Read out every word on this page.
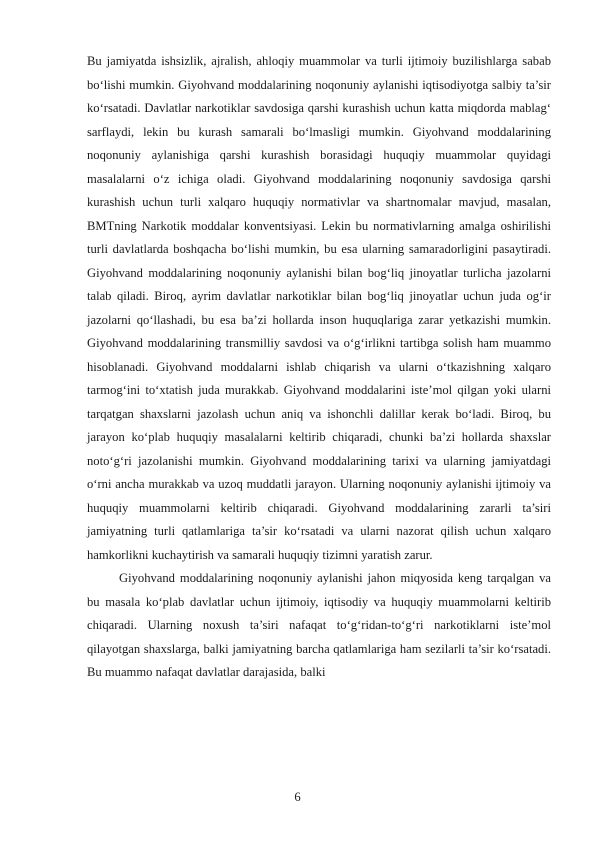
Bu jamiyatda ishsizlik, ajralish, ahloqiy muammolar va turli ijtimoiy buzilishlarga sabab bo‘lishi mumkin. Giyohvand moddalarining noqonuniy aylanishi iqtisodiyotga salbiy ta’sir ko‘rsatadi. Davlatlar narkotiklar savdosiga qarshi kurashish uchun katta miqdorda mablag‘ sarflaydi, lekin bu kurash samarali bo‘lmasligi mumkin. Giyohvand moddalarining noqonuniy aylanishiga qarshi kurashish borasidagi huquqiy muammolar quyidagi masalalarni o‘z ichiga oladi. Giyohvand moddalarining noqonuniy savdosiga qarshi kurashish uchun turli xalqaro huquqiy normativlar va shartnomalar mavjud, masalan, BMTning Narkotik moddalar konventsiyasi. Lekin bu normativlarning amalga oshirilishi turli davlatlarda boshqacha bo‘lishi mumkin, bu esa ularning samaradorligini pasaytiradi. Giyohvand moddalarining noqonuniy aylanishi bilan bog‘liq jinoyatlar turlicha jazolarni talab qiladi. Biroq, ayrim davlatlar narkotiklar bilan bog‘liq jinoyatlar uchun juda og‘ir jazolarni qo‘llashadi, bu esa ba’zi hollarda inson huquqlariga zarar yetkazishi mumkin. Giyohvand moddalarining transmilliy savdosi va o‘g‘irlikni tartibga solish ham muammo hisoblanadi. Giyohvand moddalarni ishlab chiqarish va ularni o‘tkazishning xalqaro tarmog‘ini to‘xtatish juda murakkab. Giyohvand moddalarini iste’mol qilgan yoki ularni tarqatgan shaxslarni jazolash uchun aniq va ishonchli dalillar kerak bo‘ladi. Biroq, bu jarayon ko‘plab huquqiy masalalarni keltirib chiqaradi, chunki ba’zi hollarda shaxslar noto‘g‘ri jazolanishi mumkin. Giyohvand moddalarining tarixi va ularning jamiyatdagi o‘rni ancha murakkab va uzoq muddatli jarayon. Ularning noqonuniy aylanishi ijtimoiy va huquqiy muammolarni keltirib chiqaradi. Giyohvand moddalarining zararli ta’siri jamiyatning turli qatlamlariga ta’sir ko‘rsatadi va ularni nazorat qilish uchun xalqaro hamkorlikni kuchaytirish va samarali huquqiy tizimni yaratish zarur.

Giyohvand moddalarining noqonuniy aylanishi jahon miqyosida keng tarqalgan va bu masala ko‘plab davlatlar uchun ijtimoiy, iqtisodiy va huquqiy muammolarni keltirib chiqaradi. Ularning noxush ta’siri nafaqat to‘g‘ridan-to‘g‘ri narkotiklarni iste’mol qilayotgan shaxslarga, balki jamiyatning barcha qatlamlariga ham sezilarli ta’sir ko‘rsatadi. Bu muammo nafaqat davlatlar darajasida, balki

6
